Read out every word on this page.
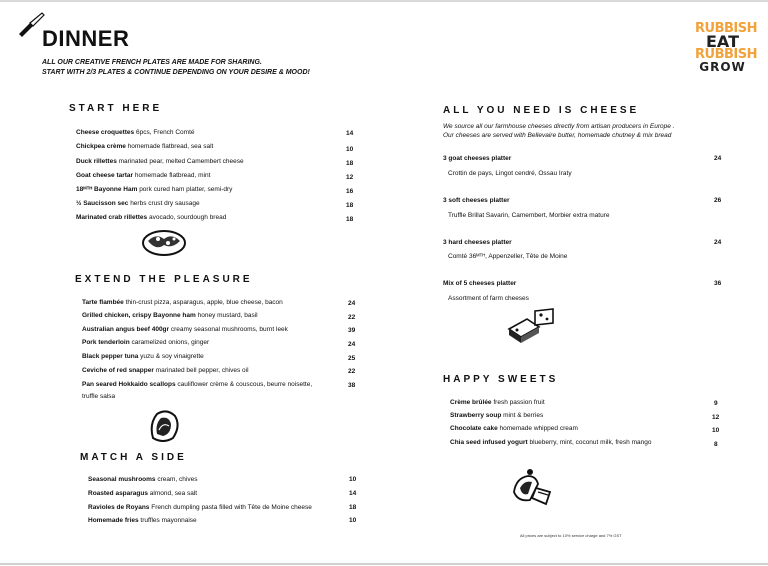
DINNER
ALL OUR CREATIVE FRENCH PLATES ARE MADE FOR SHARING.
START WITH 2/3 PLATES & CONTINUE DEPENDING ON YOUR DESIRE & MOOD!
RUBBISH
EAT
RUBBISH
GROW
START HERE
Cheese croquettes 6pcs, French Comté	14
Chickpea crème homemade flatbread, sea salt	10
Duck rillettes marinated pear, melted Camembert cheese	18
Goat cheese tartar homemade flatbread, mint	12
18ᴹᵀᴴ Bayonne Ham pork cured ham platter, semi-dry	16
½ Saucisson sec herbs crust dry sausage	18
Marinated crab rillettes avocado, sourdough bread	18
EXTEND THE PLEASURE
Tarte flambée thin-crust pizza, asparagus, apple, blue cheese, bacon	24
Grilled chicken, crispy Bayonne ham honey mustard, basil	22
Australian angus beef 400gr creamy seasonal mushrooms, burnt leek	39
Pork tenderloin caramelized onions, ginger	24
Black pepper tuna yuzu & soy vinaigrette	25
Ceviche of red snapper marinated bell pepper, chives oil	22
Pan seared Hokkaido scallops cauliflower crème & couscous, beurre noisette,	38
truffle salsa
MATCH A SIDE
Seasonal mushrooms cream, chives	10
Roasted asparagus almond, sea salt	14
Ravioles de Royans French dumpling pasta filled with Tête de Moine cheese	18
Homemade fries truffles mayonnaise	10
ALL YOU NEED IS CHEESE
We source all our farmhouse cheeses directly from artisan producers in Europe .
Our cheeses are served with Bellevaire butter, homemade chutney & mix bread
3 goat cheeses platter	24
Crottin de pays, Lingot cendré, Ossau Iraty
3 soft cheeses platter	26
Truffle Brillat Savarin, Camembert, Morbier extra mature
3 hard cheeses platter	24
Comté 36ᴹᵀᴴ, Appenzeller, Tête de Moine
Mix of 5 cheeses platter	36
Assortment of farm cheeses
HAPPY SWEETS
Crème brûlée fresh passion fruit	9
Strawberry soup mint & berries	12
Chocolate cake homemade whipped cream	10
Chia seed infused yogurt blueberry, mint, coconut milk, fresh mango	8
All prices are subject to 10% service charge and 7% GST
